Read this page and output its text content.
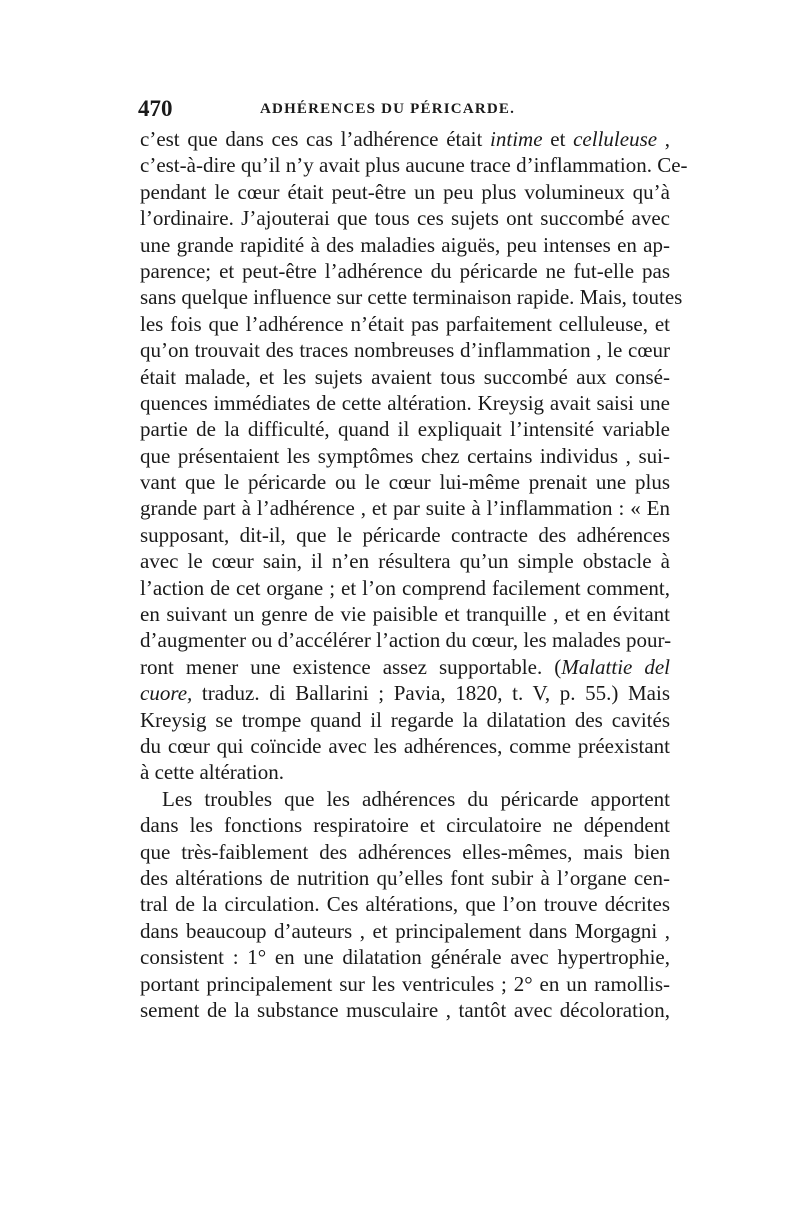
470	ADHÉRENCES DU PÉRICARDE.
c’est que dans ces cas l’adhérence était intime et celluleuse ,
c’est-à-dire qu’il n’y avait plus aucune trace d’inflammation. Ce-
pendant le cœur était peut-être un peu plus volumineux qu’à
l’ordinaire. J’ajouterai que tous ces sujets ont succombé avec
une grande rapidité à des maladies aiguës, peu intenses en ap-
parence; et peut-être l’adhérence du péricarde ne fut-elle pas
sans quelque influence sur cette terminaison rapide. Mais, toutes
les fois que l’adhérence n’était pas parfaitement celluleuse, et
qu’on trouvait des traces nombreuses d’inflammation , le cœur
était malade, et les sujets avaient tous succombé aux consé-
quences immédiates de cette altération. Kreysig avait saisi une
partie de la difficulté, quand il expliquait l’intensité variable
que présentaient les symptômes chez certains individus , sui-
vant que le péricarde ou le cœur lui-même prenait une plus
grande part à l’adhérence , et par suite à l’inflammation : « En
supposant, dit-il, que le péricarde contracte des adhérences
avec le cœur sain, il n’en résultera qu’un simple obstacle à
l’action de cet organe ; et l’on comprend facilement comment,
en suivant un genre de vie paisible et tranquille , et en évitant
d’augmenter ou d’accélérer l’action du cœur, les malades pour-
ront mener une existence assez supportable. (Malattie del
cuore, traduz. di Ballarini ; Pavia, 1820, t. V, p. 55.) Mais
Kreysig se trompe quand il regarde la dilatation des cavités
du cœur qui coïncide avec les adhérences, comme préexistant
à cette altération.
Les troubles que les adhérences du péricarde apportent
dans les fonctions respiratoire et circulatoire ne dépendent
que très-faiblement des adhérences elles-mêmes, mais bien
des altérations de nutrition qu’elles font subir à l’organe cen-
tral de la circulation. Ces altérations, que l’on trouve décrites
dans beaucoup d’auteurs , et principalement dans Morgagni ,
consistent : 1° en une dilatation générale avec hypertrophie,
portant principalement sur les ventricules ; 2° en un ramollis-
sement de la substance musculaire , tantôt avec décoloration,
